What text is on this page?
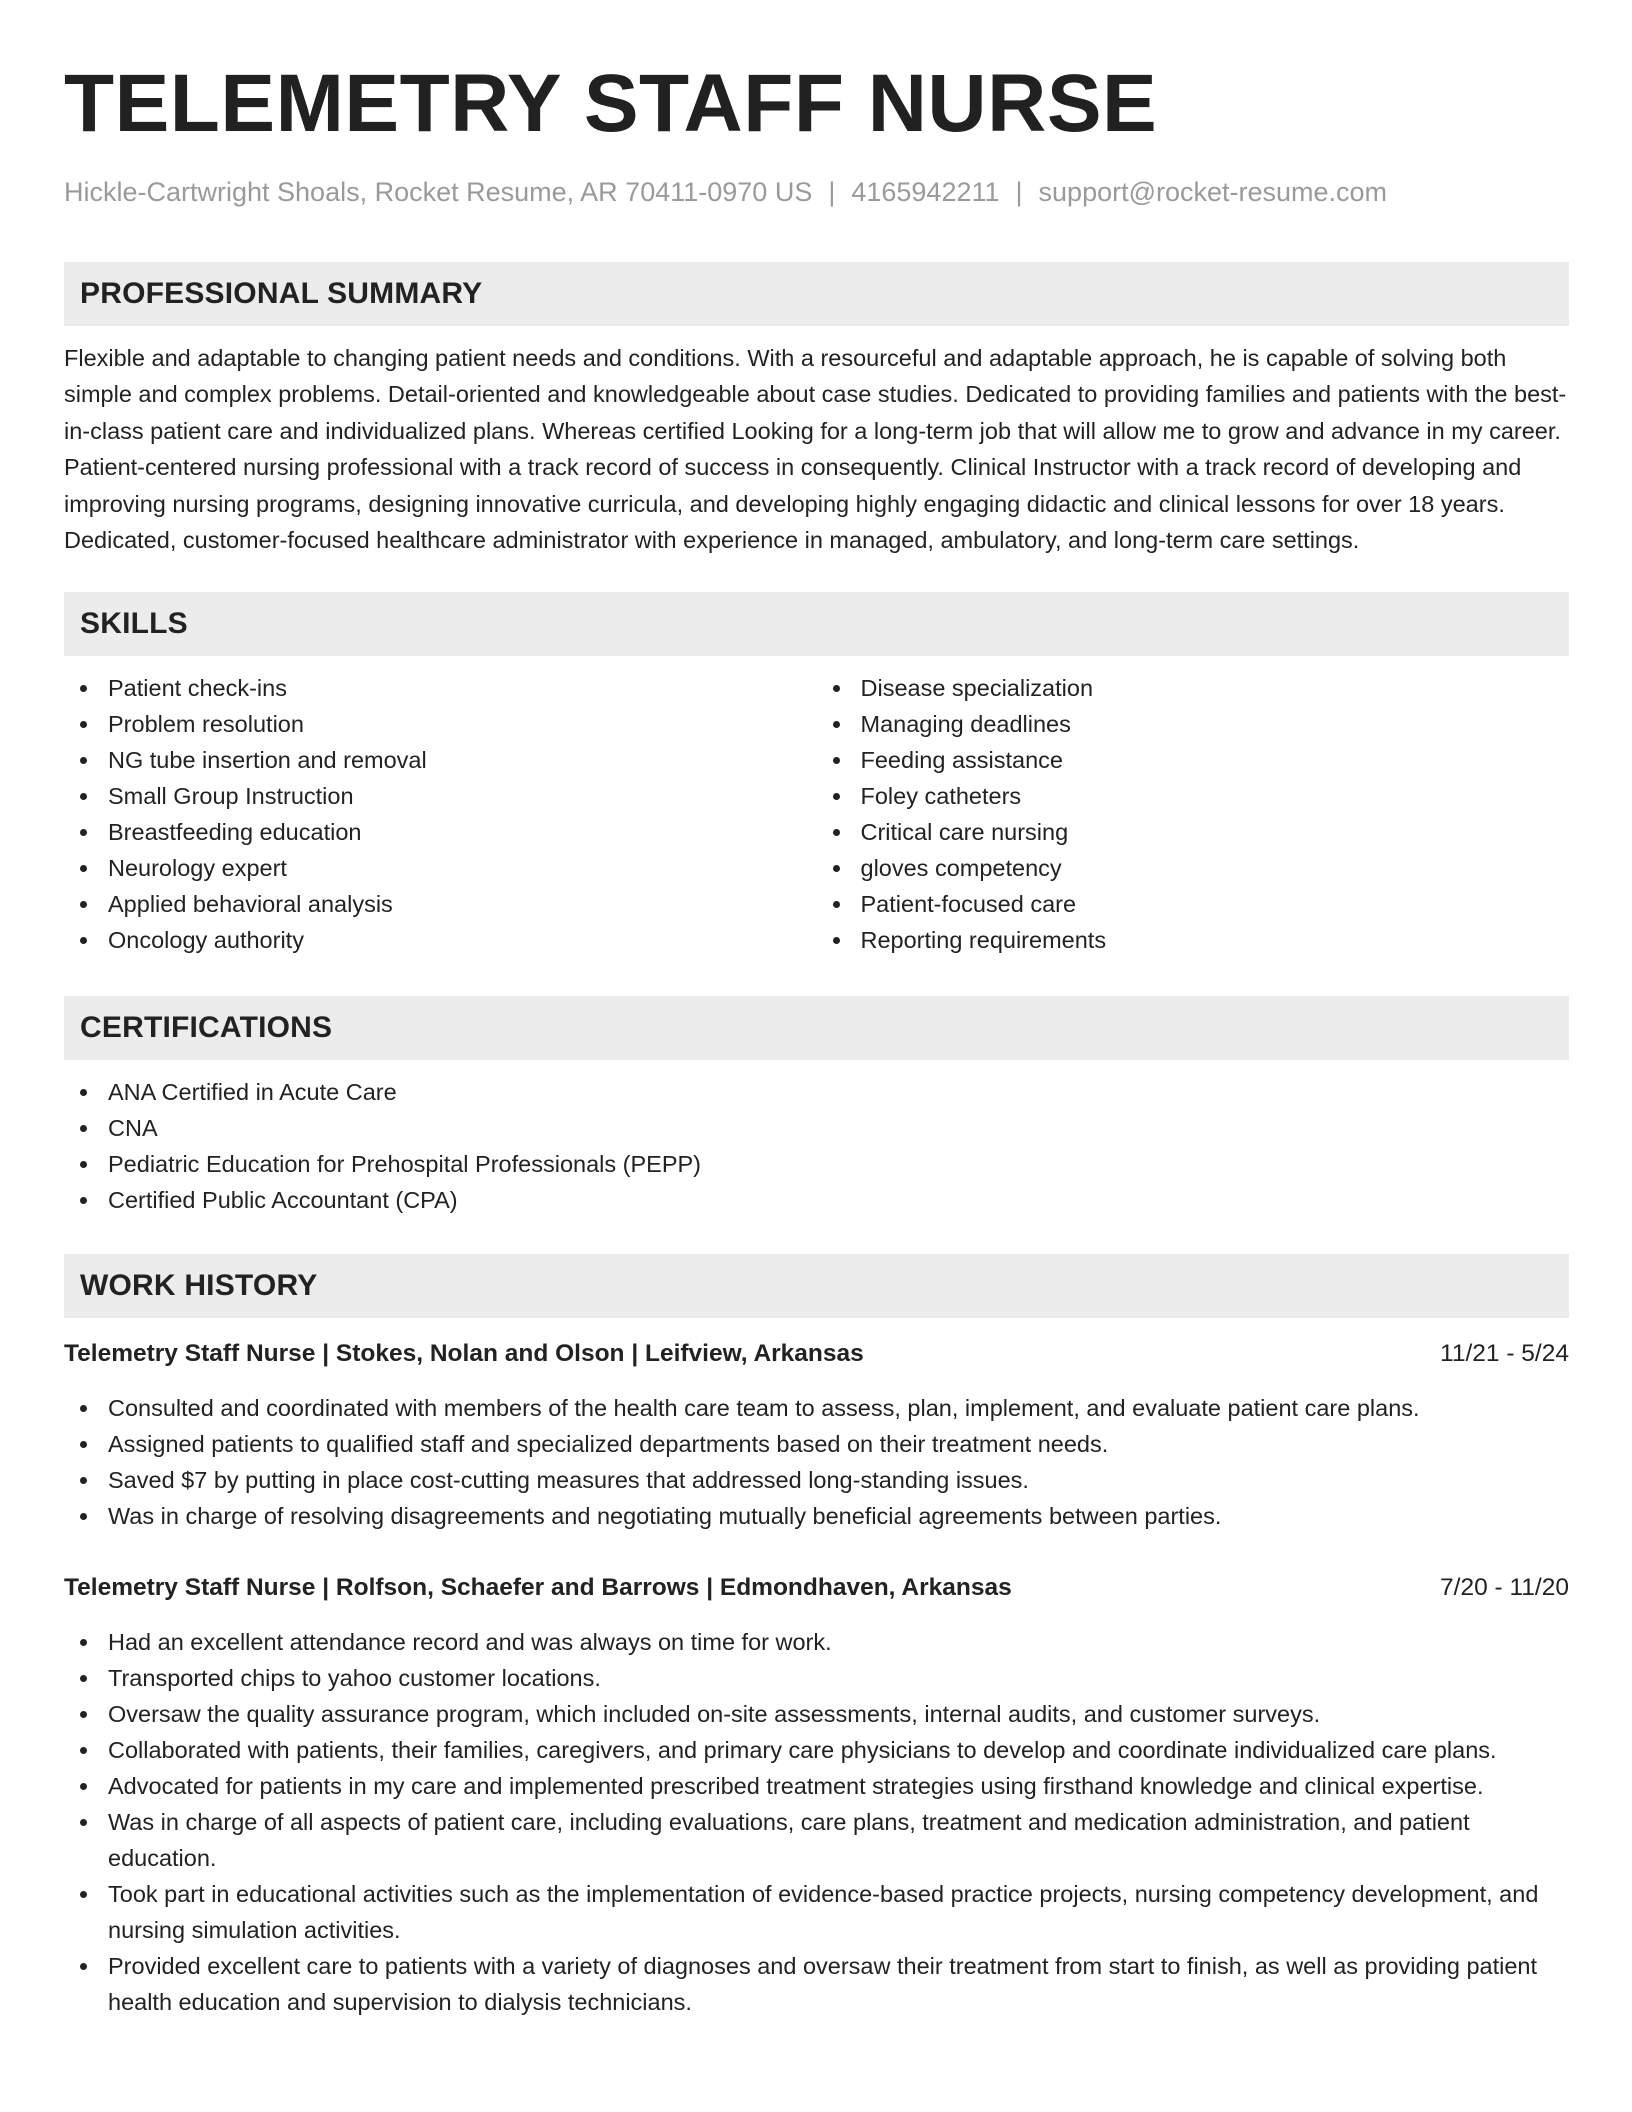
TELEMETRY STAFF NURSE
Hickle-Cartwright Shoals, Rocket Resume, AR 70411-0970 US | 4165942211 | support@rocket-resume.com
PROFESSIONAL SUMMARY

Flexible and adaptable to changing patient needs and conditions. With a resourceful and adaptable approach, he is capable of solving both simple and complex problems. Detail-oriented and knowledgeable about case studies. Dedicated to providing families and patients with the best-in-class patient care and individualized plans. Whereas certified Looking for a long-term job that will allow me to grow and advance in my career. Patient-centered nursing professional with a track record of success in consequently. Clinical Instructor with a track record of developing and improving nursing programs, designing innovative curricula, and developing highly engaging didactic and clinical lessons for over 18 years. Dedicated, customer-focused healthcare administrator with experience in managed, ambulatory, and long-term care settings.

SKILLS
Patient check-ins
Problem resolution
NG tube insertion and removal
Small Group Instruction
Breastfeeding education
Neurology expert
Applied behavioral analysis
Oncology authority
Disease specialization
Managing deadlines
Feeding assistance
Foley catheters
Critical care nursing
gloves competency
Patient-focused care
Reporting requirements
CERTIFICATIONS
ANA Certified in Acute Care
CNA
Pediatric Education for Prehospital Professionals (PEPP)
Certified Public Accountant (CPA)
WORK HISTORY
Telemetry Staff Nurse | Stokes, Nolan and Olson | Leifview, Arkansas	11/21 - 5/24
Consulted and coordinated with members of the health care team to assess, plan, implement, and evaluate patient care plans.
Assigned patients to qualified staff and specialized departments based on their treatment needs.
Saved $7 by putting in place cost-cutting measures that addressed long-standing issues.
Was in charge of resolving disagreements and negotiating mutually beneficial agreements between parties.
Telemetry Staff Nurse | Rolfson, Schaefer and Barrows | Edmondhaven, Arkansas	7/20 - 11/20
Had an excellent attendance record and was always on time for work.
Transported chips to yahoo customer locations.
Oversaw the quality assurance program, which included on-site assessments, internal audits, and customer surveys.
Collaborated with patients, their families, caregivers, and primary care physicians to develop and coordinate individualized care plans.
Advocated for patients in my care and implemented prescribed treatment strategies using firsthand knowledge and clinical expertise.
Was in charge of all aspects of patient care, including evaluations, care plans, treatment and medication administration, and patient education.
Took part in educational activities such as the implementation of evidence-based practice projects, nursing competency development, and nursing simulation activities.
Provided excellent care to patients with a variety of diagnoses and oversaw their treatment from start to finish, as well as providing patient health education and supervision to dialysis technicians.
